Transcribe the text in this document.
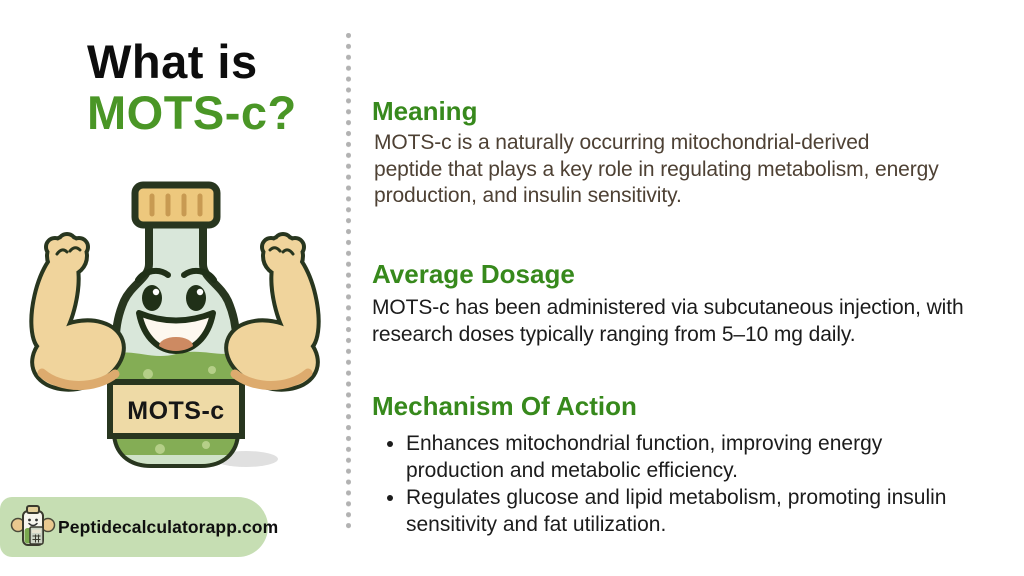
What is
MOTS-c?
MOTS-c
Peptidecalculatorapp.com
Meaning

MOTS-c is a naturally occurring mitochondrial-derived peptide that plays a key role in regulating metabolism, energy production, and insulin sensitivity.

Average Dosage

MOTS-c has been administered via subcutaneous injection, with research doses typically ranging from 5–10 mg daily.

Mechanism Of Action
• Enhances mitochondrial function, improving energy production and metabolic efficiency.
• Regulates glucose and lipid metabolism, promoting insulin sensitivity and fat utilization.
